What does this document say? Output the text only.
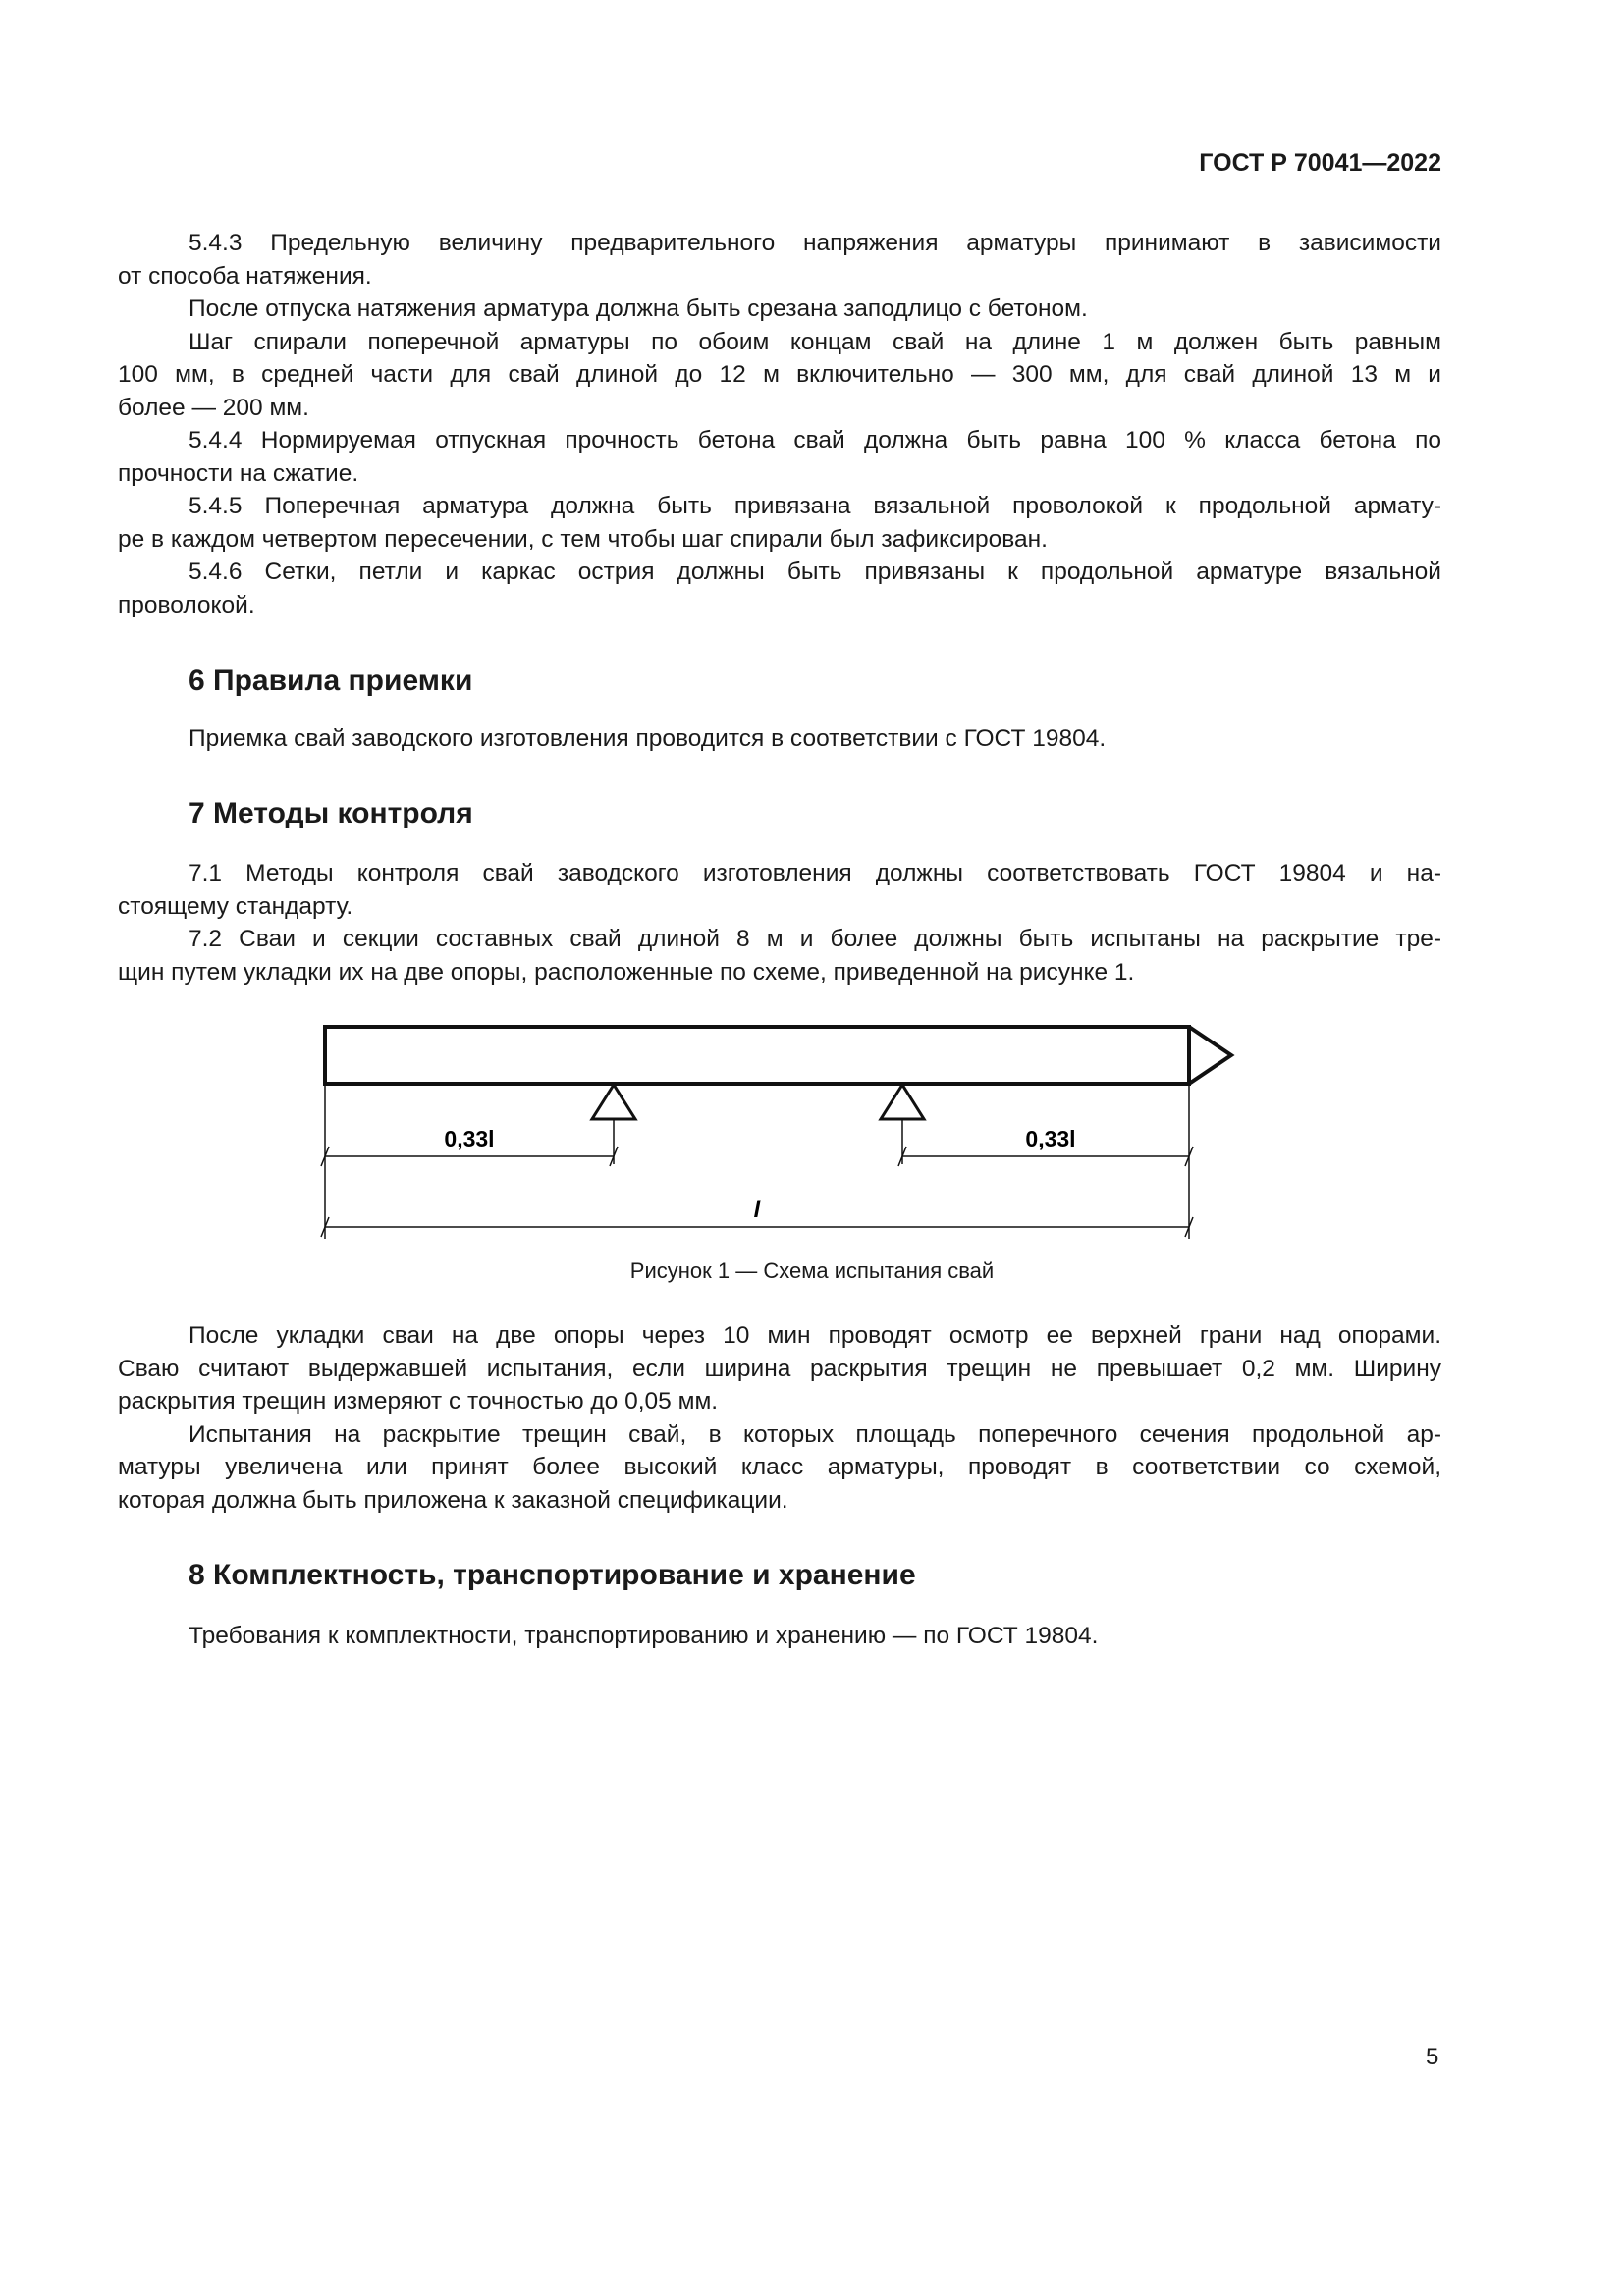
ГОСТ Р 70041—2022
5.4.3 Предельную величину предварительного напряжения арматуры принимают в зависимости
от способа натяжения.
После отпуска натяжения арматура должна быть срезана заподлицо с бетоном.
Шаг спирали поперечной арматуры по обоим концам свай на длине 1 м должен быть равным
100 мм, в средней части для свай длиной до 12 м включительно — 300 мм, для свай длиной 13 м и
более — 200 мм.
5.4.4 Нормируемая отпускная прочность бетона свай должна быть равна 100 % класса бетона по
прочности на сжатие.
5.4.5 Поперечная арматура должна быть привязана вязальной проволокой к продольной армату-
ре в каждом четвертом пересечении, с тем чтобы шаг спирали был зафиксирован.
5.4.6 Сетки, петли и каркас острия должны быть привязаны к продольной арматуре вязальной
проволокой.
6 Правила приемки
Приемка свай заводского изготовления проводится в соответствии с ГОСТ 19804.
7 Методы контроля
7.1 Методы контроля свай заводского изготовления должны соответствовать ГОСТ 19804 и на-
стоящему стандарту.
7.2 Сваи и секции составных свай длиной 8 м и более должны быть испытаны на раскрытие тре-
щин путем укладки их на две опоры, расположенные по схеме, приведенной на рисунке 1.
0,33l	0,33l
l
Рисунок 1 — Схема испытания свай
После укладки сваи на две опоры через 10 мин проводят осмотр ее верхней грани над опорами.
Сваю считают выдержавшей испытания, если ширина раскрытия трещин не превышает 0,2 мм. Ширину
раскрытия трещин измеряют с точностью до 0,05 мм.
Испытания на раскрытие трещин свай, в которых площадь поперечного сечения продольной ар-
матуры увеличена или принят более высокий класс арматуры, проводят в соответствии со схемой,
которая должна быть приложена к заказной спецификации.
8 Комплектность, транспортирование и хранение
Требования к комплектности, транспортированию и хранению — по ГОСТ 19804.
5
